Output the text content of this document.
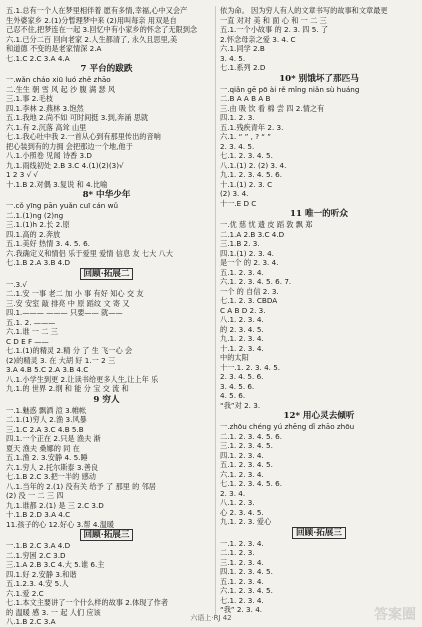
五.1.总有一个人在梦里相伴着 愿有多情,幸福,心中又会产
生外婆家乡 2.(1)分暂理梦中来 (2)用叫每亲 用双是自
己忍不住,把梦连在一起 3.回忆中有小家乡的怀念了无限到念
六.1.已分二百 回向老家 2.人生都清了, 永久且思里,美
和道德 不变的是老家情深 2.A
七.1.C 2.C 3.A 4.A
7 平台的跋跌
一.wǎn cháo xiū luó zhě zhāo
二.生生 朝 雪 风 起 沙 腹 满 瑟 风
三.1.事 2.毛枝
四.1.李林 2.燕林 3.饱然
五.1.我地 2.尚不如 可时间挺 3.到,奔涌 思就
六.1.有 2.沉落 高耸 山里
七.1.我心吐中我 2.一首从心到有那里传出的音响
把心装到有的力拥 会把那边一个地,他于
八.1.小照卷 见闻 诗香 3.D
九.1.雨线初处 2.B 3.C 4.(1)(2)(3)√
1 2 3 √ √
十.1.B 2.对偶 3.复说 和 4.比喻
8* 中华少年
一.cǒ yīng pān yuǎn cuī cán wǔ
二.1.(1)ng (2)ng
三.1.(1)h 2.长 2.原
四.1.高的 2.奔放
五.1.美好 热情 3. 4. 5. 6.
六.我确定义和情侣 乐于爱里 爱情 信息 友 七大 八大
七.1.B 2.A 3.B 4.D
回顾·拓展二
一.3.√
二.1.安 一事 老二 加 小 事 有好 知心 交 友
三.安 安室 敲 排亮 中 原 蹈纹 文 寄 又
四.1.——— ——— 只要—— 就——
五.1. 2. ———
六.1.谁 一 二 三
C D E F ——
七.1.(1)的精灵 2.精 分 了 生 飞一心 会
(2)的精灵 3. 在 大胡 好 1.一 2 三
3.A 4.B 5.C 2.A 3.B 4.C
八.1.小学生到更 2.让读书给更多人生,让上年 乐
九.1.的 世界 2.纲 和 能 分 宝 交 流 和
9 穷人
一.1.魅惑 飘洒 渲 3.帷帐
二.1.(1)穷人 2.渔 3.风暴
三.1.C 2.A 3.C 4.B 5.B
四.1.一个正在 2.只是 渔夫 渐
夏天 渔夫 桑娜的 同 在
五.1.渔 2. 3.安静 4. 5.睡
六.1.穷人 2.托尔斯泰 3.善良
七.1.B 2.C 3.把一半的 感动
八.1.当年的 2.(1) 没有关 给予 了 那里 的 邻居
(2) 没 一 二 三 四
九.1.谁都 2.(1) 是 三 2.C 3.D
十.1.B 2.D 3.A 4.C
11.孩子的心 12.好心 3.帮 4.温暖
回顾·拓展三
一.1.B 2.C 3.A 4.D
二.1.穷困 2.C 3.D
三.1.A 2.B 3.C 4.大 5.谁 6.主
四.1.好 2.安静 3.和谐
五.1.2.3. 4.安 5.人
六.1.爱 2.C
七.1.本文主要讲了一个什么样的故事 2.体现了作者
的 温暖 感 3. 一 起 人们 应该
八.1.B 2.C 3.A
依为命。 因为穷人有人的文章书写的故事和文章最更
一直 对对 美 和 面 心 和 一 二 三
五.1.一个小故事 的 2. 3. 四 5. 了
2.怀念母亲之爱 3. 4. C
六.1.同学 2.B
3. 4. 5.
七.1.系列 2.D
10* 别饿坏了那匹马
一.qiǎn gē pō ài rě mǐng niǎn sù huáng
二.B A A B A B
三.由 吸 饮 看 棉 尝 四 2.情之有
四.1. 2. 3.
五.1.残疾青年 2. 3.
六.1. “ ” , ? “ ”
2. 3. 4. 5.
七.1. 2. 3. 4. 5.
八.1.(1) 2. (2) 3. 4.
九.1. 2. 3. 4. 5. 6.
十.1.(1) 2. 3. C
(2) 3. 4.
十一.E D C
11 唯一的听众
一.优 慈 忧 遗 皮 蹈 敦 飘 郑
二.1.A 2.B 3.C 4.D
三.1.B 2. 3.
四.1.(1) 2. 3. 4.
是一个 的 2. 3. 4.
五.1. 2. 3. 4.
六.1. 2. 3. 4. 5. 6. 7.
一个 的 自信 2. 3.
七.1. 2. 3. CBDA
C A B D 2. 3.
八.1. 2. 3. 4.
的 2. 3. 4. 5.
九.1. 2. 3. 4.
十.1. 2. 3. 4.
中的太阳
十一.1. 2. 3. 4. 5.
2. 3. 4. 5. 6.
3. 4. 5. 6.
4. 5. 6.
“我”对 2. 3.
12* 用心灵去倾听
一.zhōu chéng yú zhēng dǐ zhāo zhōu
二.1. 2. 3. 4. 5. 6.
三.1. 2. 3. 4. 5.
四.1. 2. 3. 4.
五.1. 2. 3. 4. 5.
六.1. 2. 3. 4.
七.1. 2. 3. 4. 5. 6.
2. 3. 4.
八.1. 2. 3.
心 2. 3. 4. 5.
九.1. 2. 3. 爱心
回顾·拓展三
一.1. 2. 3. 4.
二.1. 2. 3.
三.1. 2. 3. 4.
四.1. 2. 3. 4. 5.
五.1. 2. 3. 4.
六.1. 2. 3. 4. 5.
七.1. 2. 3. 4.
“我” 2. 3. 4.
六语上·RJ 42	答案圈
